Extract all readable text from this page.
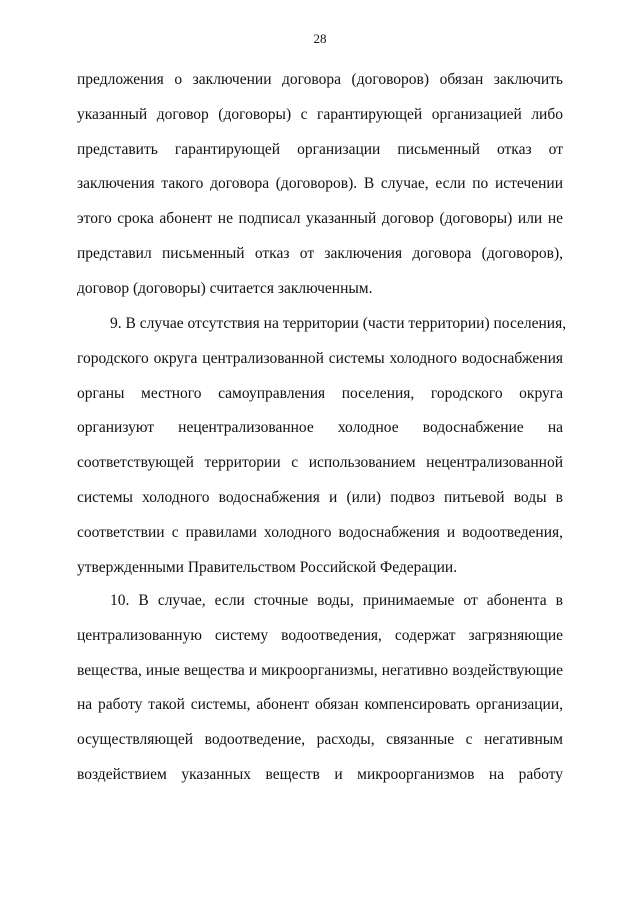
28
предложения о заключении договора (договоров) обязан заключить
указанный договор (договоры) с гарантирующей организацией либо
представить гарантирующей организации письменный отказ от
заключения такого договора (договоров). В случае, если по истечении
этого срока абонент не подписал указанный договор (договоры) или не
представил письменный отказ от заключения договора (договоров),
договор (договоры) считается заключенным.
9. В случае отсутствия на территории (части территории) поселения,
городского округа централизованной системы холодного водоснабжения
органы местного самоуправления поселения, городского округа
организуют нецентрализованное холодное водоснабжение на
соответствующей территории с использованием нецентрализованной
системы холодного водоснабжения и (или) подвоз питьевой воды в
соответствии с правилами холодного водоснабжения и водоотведения,
утвержденными Правительством Российской Федерации.
10. В случае, если сточные воды, принимаемые от абонента в
централизованную систему водоотведения, содержат загрязняющие
вещества, иные вещества и микроорганизмы, негативно воздействующие
на работу такой системы, абонент обязан компенсировать организации,
осуществляющей водоотведение, расходы, связанные с негативным
воздействием указанных веществ и микроорганизмов на работу
